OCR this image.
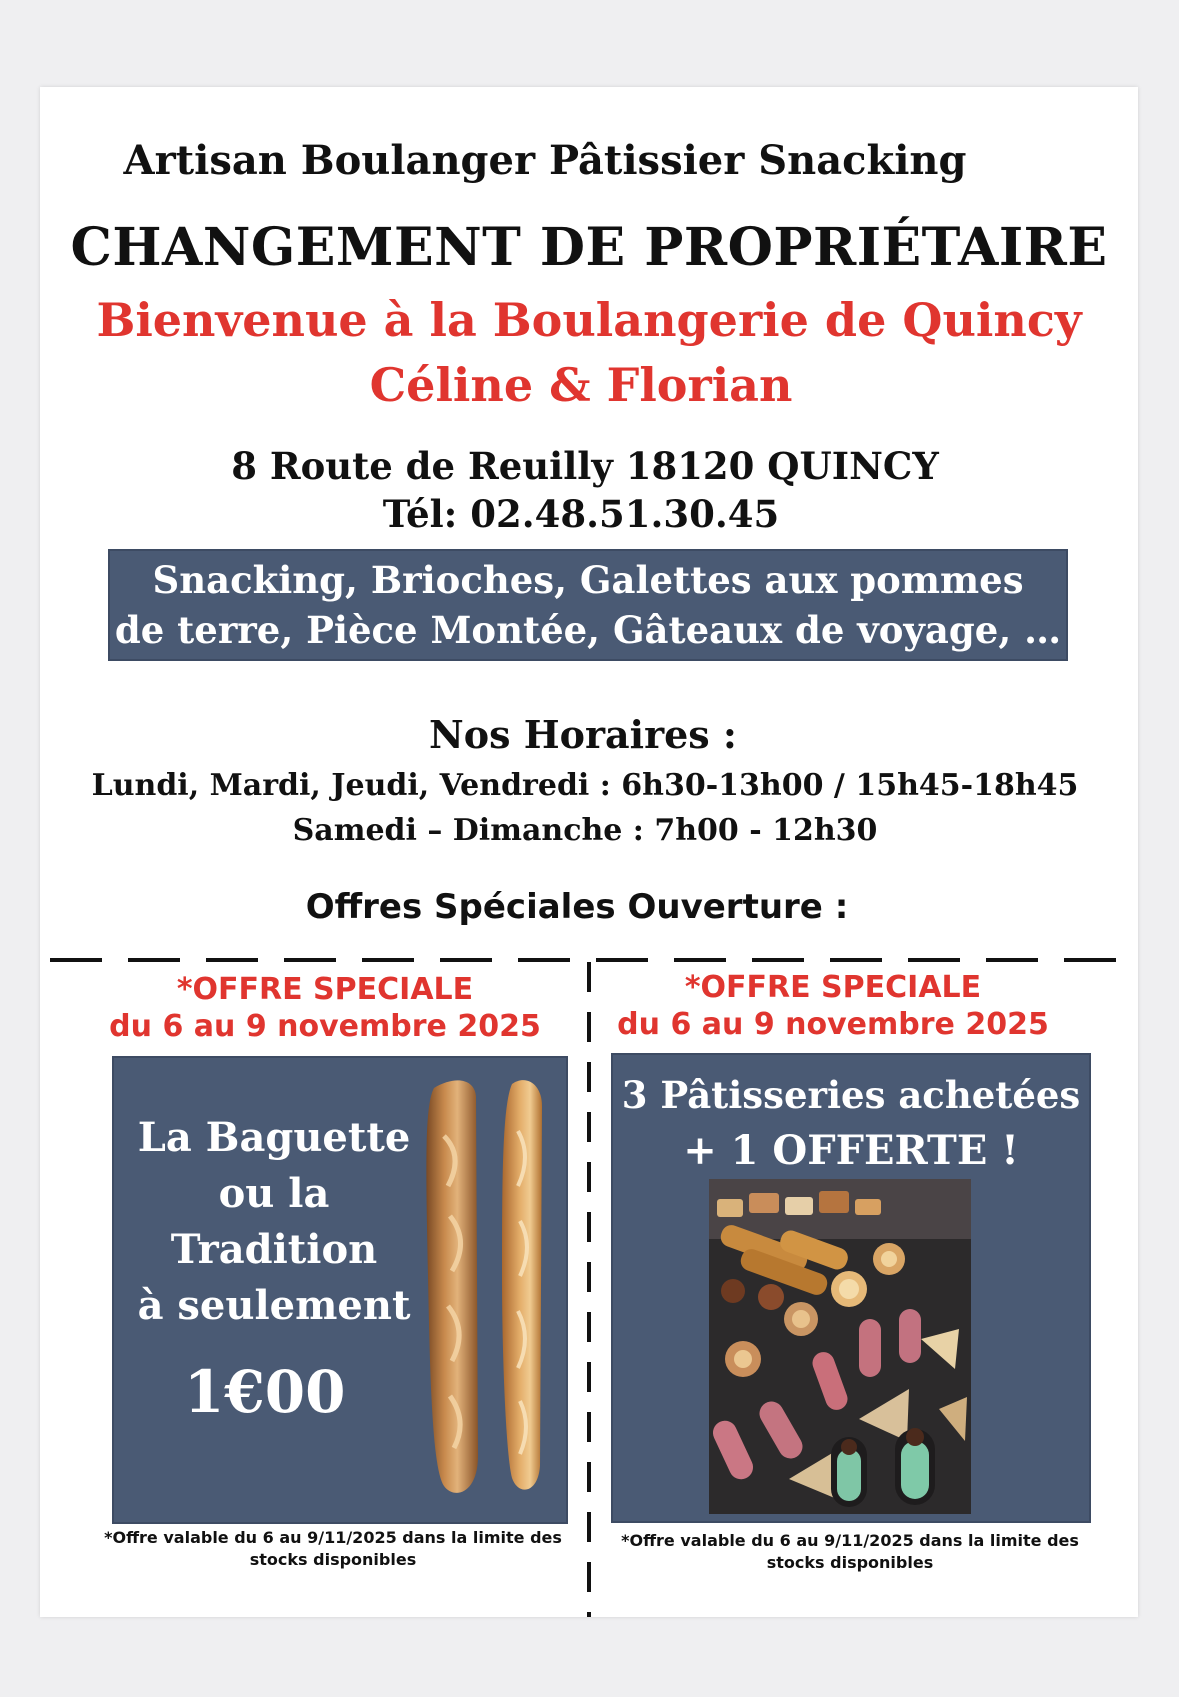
Artisan Boulanger Pâtissier Snacking
CHANGEMENT DE PROPRIÉTAIRE
Bienvenue à la Boulangerie de Quincy
Céline & Florian
8 Route de Reuilly 18120 QUINCY
Tél: 02.48.51.30.45
Snacking, Brioches, Galettes aux pommes
de terre, Pièce Montée, Gâteaux de voyage, …
Nos Horaires :
Lundi, Mardi, Jeudi, Vendredi : 6h30-13h00 / 15h45-18h45
Samedi – Dimanche : 7h00 - 12h30
Offres Spéciales Ouverture :
*OFFRE SPECIALE
du 6 au 9 novembre 2025
La Baguette
ou la
Tradition
à seulement
1€00
*Offre valable du 6 au 9/11/2025 dans la limite des
stocks disponibles
*OFFRE SPECIALE
du 6 au 9 novembre 2025
3 Pâtisseries achetées
+ 1 OFFERTE !
*Offre valable du 6 au 9/11/2025 dans la limite des
stocks disponibles
